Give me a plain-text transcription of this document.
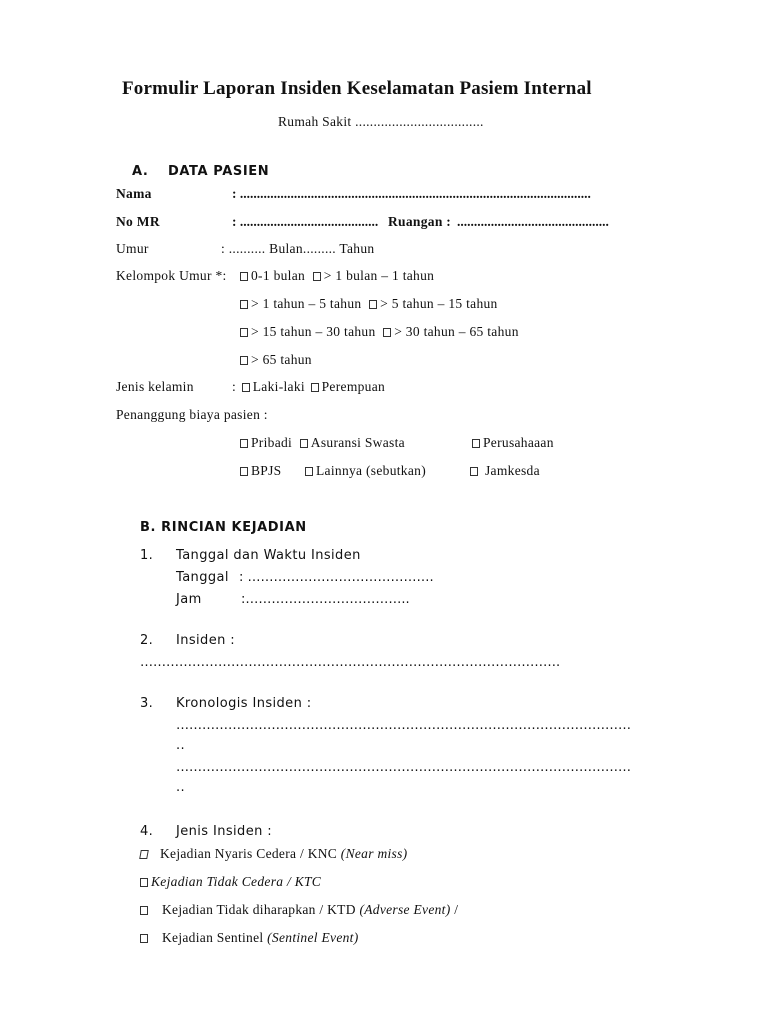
Formulir Laporan Insiden Keselamatan Pasiem Internal
Rumah Sakit ...................................
A. DATA PASIEN
Nama	: ........................................................................................................
No MR	: ......................................... Ruangan : .............................................
Umur	: .......... Bulan......... Tahun
Kelompok Umur *:	0-1 bulan > 1 bulan – 1 tahun
> 1 tahun – 5 tahun > 5 tahun – 15 tahun
> 15 tahun – 30 tahun > 30 tahun – 65 tahun
> 65 tahun
Jenis kelamin	: Laki-laki Perempuan
Penanggung biaya pasien :
Pribadi Asuransi Swasta	Perusahaaan
BPJS	Lainnya (sebutkan)	Jamkesda
B. RINCIAN KEJADIAN
1. Tanggal dan Waktu Insiden
Tanggal : …………………………………….
Jam	:………………………………..
2. Insiden :
…………………………………………………………………………………….
3. Kronologis Insiden :
……………………………………………………………………………………………
..
……………………………………………………………………………………………
..
4. Jenis Insiden :
Kejadian Nyaris Cedera / KNC (Near miss)
Kejadian Tidak Cedera / KTC
Kejadian Tidak diharapkan / KTD (Adverse Event) /
Kejadian Sentinel (Sentinel Event)
